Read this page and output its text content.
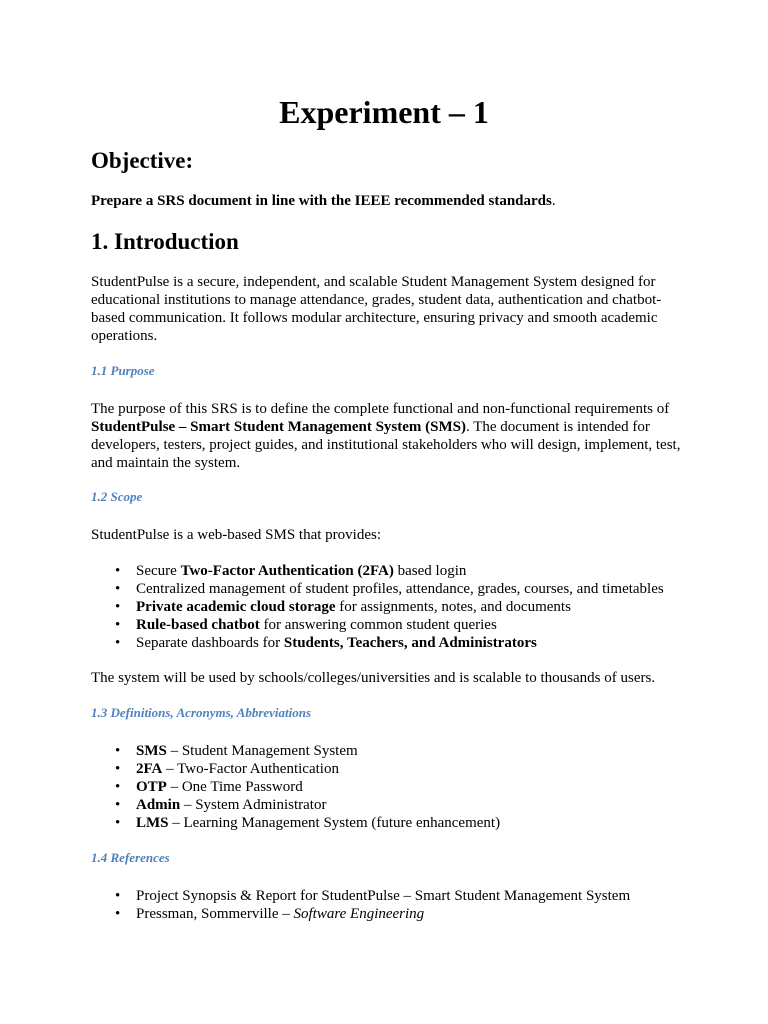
Experiment – 1
Objective:

Prepare a SRS document in line with the IEEE recommended standards.

1. Introduction

StudentPulse is a secure, independent, and scalable Student Management System designed for educational institutions to manage attendance, grades, student data, authentication and chatbot-based communication. It follows modular architecture, ensuring privacy and smooth academic operations.

1.1 Purpose

The purpose of this SRS is to define the complete functional and non-functional requirements of StudentPulse – Smart Student Management System (SMS). The document is intended for developers, testers, project guides, and institutional stakeholders who will design, implement, test, and maintain the system.

1.2 Scope

StudentPulse is a web-based SMS that provides:

• Secure Two-Factor Authentication (2FA) based login
• Centralized management of student profiles, attendance, grades, courses, and timetables
• Private academic cloud storage for assignments, notes, and documents
• Rule-based chatbot for answering common student queries
• Separate dashboards for Students, Teachers, and Administrators

The system will be used by schools/colleges/universities and is scalable to thousands of users.

1.3 Definitions, Acronyms, Abbreviations
• SMS – Student Management System
• 2FA – Two-Factor Authentication
• OTP – One Time Password
• Admin – System Administrator
• LMS – Learning Management System (future enhancement)
1.4 References
• Project Synopsis & Report for StudentPulse – Smart Student Management System
• Pressman, Sommerville – Software Engineering
